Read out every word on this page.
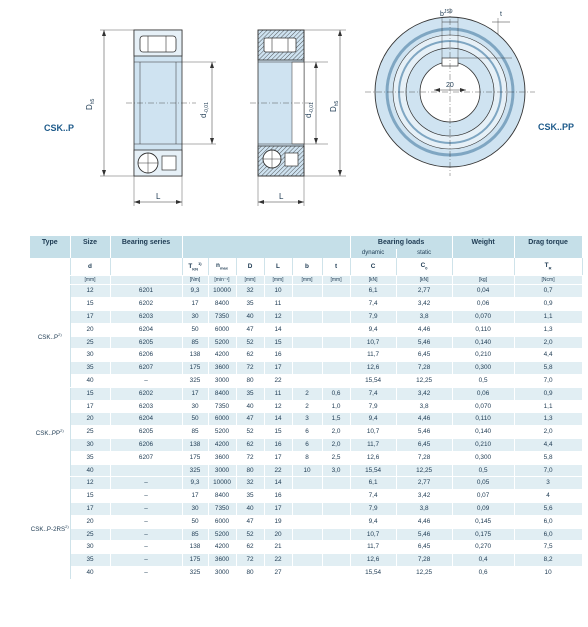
$D_{h5}$
$d_{-0,01}$
L
$d_{-0,01}$ $D_{h5}$
L
$b^{JS9}$	t
20
CSK..P	CSK..PP
Type	Size	Bearing series							Bearing loads		Weight	Drag torque
									dynamic	static		
	d		$T_{KN}^{1)}$	$n_{max}$	D	L	b	t	C	$C_0$		$T_R$
	[mm]		[Nm]	[min⁻¹]	[mm]	[mm]	[mm]	[mm]	[kN]	[kN]	[kg]	[Ncm]
$CSK..P^{2)}$	12	6201	9,3	10000	32	10			6,1	2,77	0,04	0,7
	15	6202	17	8400	35	11			7,4	3,42	0,06	0,9
	17	6203	30	7350	40	12			7,9	3,8	0,070	1,1
	20	6204	50	6000	47	14			9,4	4,46	0,110	1,3
	25	6205	85	5200	52	15			10,7	5,46	0,140	2,0
	30	6206	138	4200	62	16			11,7	6,45	0,210	4,4
	35	6207	175	3600	72	17			12,6	7,28	0,300	5,8
	40	–	325	3000	80	22			15,54	12,25	0,5	7,0
CSK..PP$^{2)}$	15	6202	17	8400	35	11	2	0,6	7,4	3,42	0,06	0,9
	17	6203	30	7350	40	12	2	1,0	7,9	3,8	0,070	1,1
	20	6204	50	6000	47	14	3	1,5	9,4	4,46	0,110	1,3
	25	6205	85	5200	52	15	6	2,0	10,7	5,46	0,140	2,0
	30	6206	138	4200	62	16	6	2,0	11,7	6,45	0,210	4,4
	35	6207	175	3600	72	17	8	2,5	12,6	7,28	0,300	5,8
	40		325	3000	80	22	10	3,0	15,54	12,25	0,5	7,0
CSK..P-2RS$^{2)}$	12	–	9,3	10000	32	14			6,1	2,77	0,05	3
	15	–	17	8400	35	16			7,4	3,42	0,07	4
	17	–	30	7350	40	17			7,9	3,8	0,09	5,6
	20	–	50	6000	47	19			9,4	4,46	0,145	6,0
	25	–	85	5200	52	20			10,7	5,46	0,175	6,0
	30	–	138	4200	62	21			11,7	6,45	0,270	7,5
	35	–	175	3600	72	22			12,6	7,28	0,4	8,2
	40	–	325	3000	80	27			15,54	12,25	0,6	10
